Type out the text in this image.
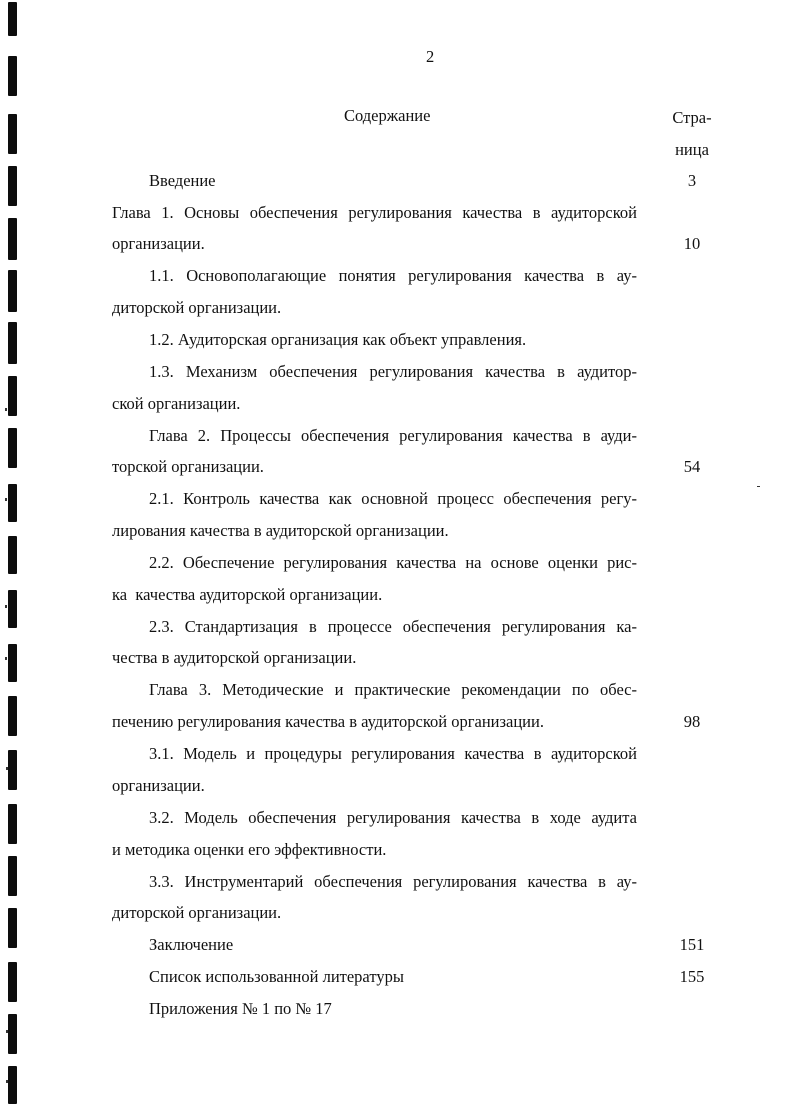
2
Содержание	Стра-
ница
Введение	3
Глава 1. Основы обеспечения регулирования качества в аудиторской
организации.	10
1.1. Основополагающие понятия регулирования качества в ау-
диторской организации.
1.2. Аудиторская организация как объект управления.
1.3. Механизм обеспечения регулирования качества в аудитор-
ской организации.
Глава 2. Процессы обеспечения регулирования качества в ауди-
торской организации.	54
2.1. Контроль качества как основной процесс обеспечения регу-
лирования качества в аудиторской организации.
2.2. Обеспечение регулирования качества на основе оценки рис-
ка  качества аудиторской организации.
2.3. Стандартизация в процессе обеспечения регулирования ка-
чества в аудиторской организации.
Глава 3. Методические и практические рекомендации по обес-
печению регулирования качества в аудиторской организации.	98
3.1. Модель и процедуры регулирования качества в аудиторской
организации.
3.2. Модель обеспечения регулирования качества в ходе аудита
и методика оценки его эффективности.
3.3. Инструментарий обеспечения регулирования качества в ау-
диторской организации.
Заключение	151
Список использованной литературы	155
Приложения № 1 по № 17
